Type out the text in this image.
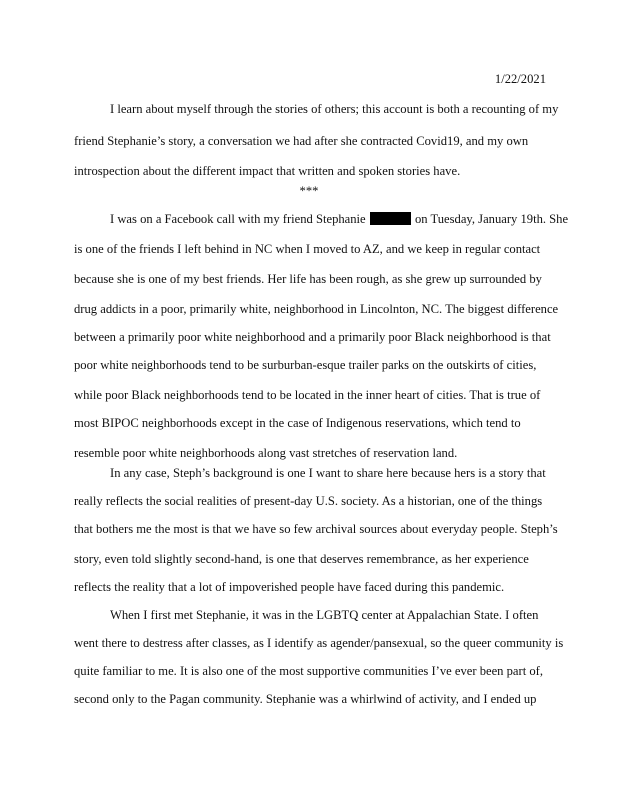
1/22/2021
I learn about myself through the stories of others; this account is both a recounting of my
friend Stephanie’s story, a conversation we had after she contracted Covid19, and my own
introspection about the different impact that written and spoken stories have.
***
I was on a Facebook call with my friend Stephanie	on Tuesday, January 19th. She
is one of the friends I left behind in NC when I moved to AZ, and we keep in regular contact
because she is one of my best friends. Her life has been rough, as she grew up surrounded by
drug addicts in a poor, primarily white, neighborhood in Lincolnton, NC. The biggest difference
between a primarily poor white neighborhood and a primarily poor Black neighborhood is that
poor white neighborhoods tend to be surburban-esque trailer parks on the outskirts of cities,
while poor Black neighborhoods tend to be located in the inner heart of cities. That is true of
most BIPOC neighborhoods except in the case of Indigenous reservations, which tend to
resemble poor white neighborhoods along vast stretches of reservation land.
In any case, Steph’s background is one I want to share here because hers is a story that
really reflects the social realities of present-day U.S. society. As a historian, one of the things
that bothers me the most is that we have so few archival sources about everyday people. Steph’s
story, even told slightly second-hand, is one that deserves remembrance, as her experience
reflects the reality that a lot of impoverished people have faced during this pandemic.
When I first met Stephanie, it was in the LGBTQ center at Appalachian State. I often
went there to destress after classes, as I identify as agender/pansexual, so the queer community is
quite familiar to me. It is also one of the most supportive communities I’ve ever been part of,
second only to the Pagan community. Stephanie was a whirlwind of activity, and I ended up
